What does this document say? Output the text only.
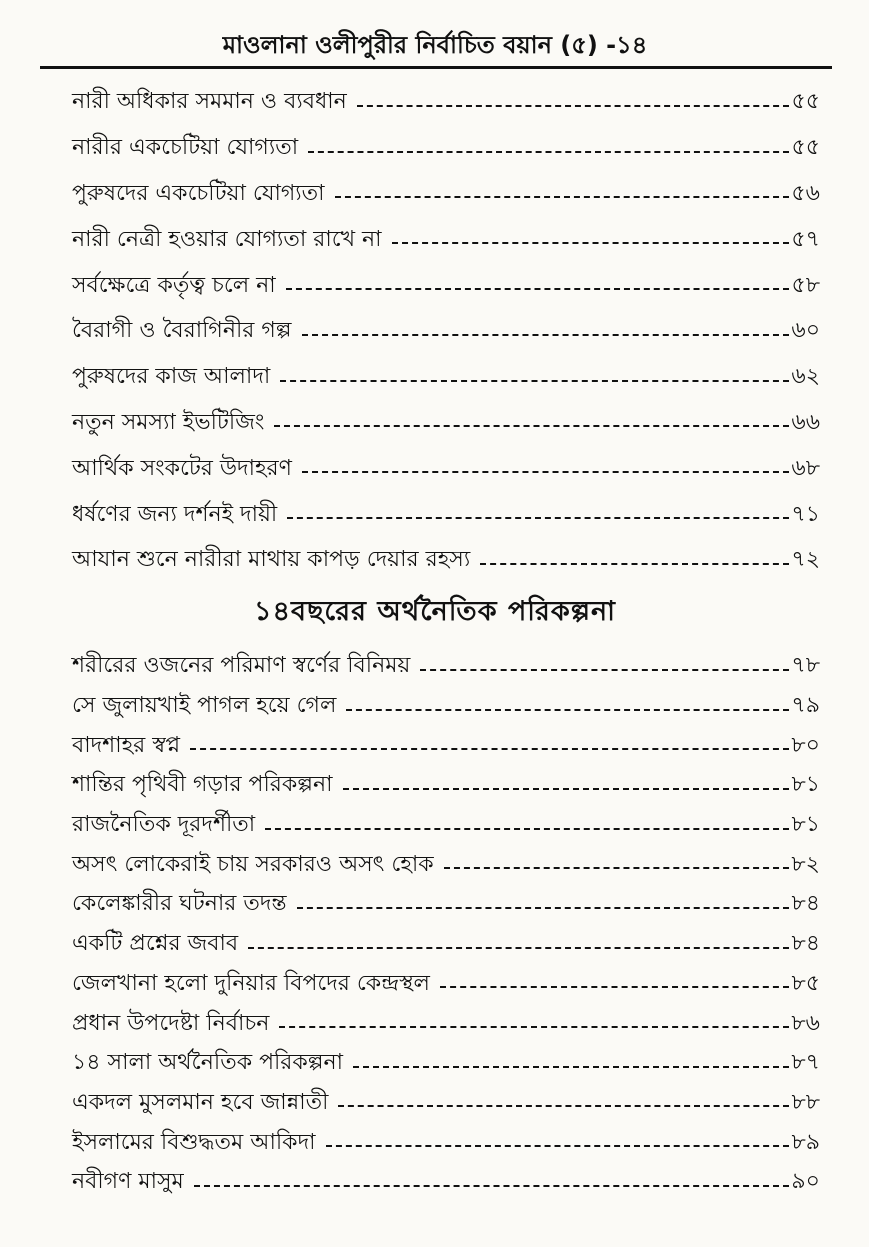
মাওলানা ওলীপুরীর নির্বাচিত বয়ান (৫) -১৪
নারী অধিকার সমমান ও ব্যবধান	৫৫
নারীর একচেটিয়া যোগ্যতা	৫৫
পুরুষদের একচেটিয়া যোগ্যতা	৫৬
নারী নেত্রী হওয়ার যোগ্যতা রাখে না	৫৭
সর্বক্ষেত্রে কর্তৃত্ব চলে না	৫৮
বৈরাগী ও বৈরাগিনীর গল্প	৬০
পুরুষদের কাজ আলাদা	৬২
নতুন সমস্যা ইভটিজিং	৬৬
আর্থিক সংকটের উদাহরণ	৬৮
ধর্ষণের জন্য দর্শনই দায়ী	৭১
আযান শুনে নারীরা মাথায় কাপড় দেয়ার রহস্য	৭২
১৪বছরের অর্থনৈতিক পরিকল্পনা
শরীরের ওজনের পরিমাণ স্বর্ণের বিনিময়	৭৮
সে জুলায়খাই পাগল হয়ে গেল	৭৯
বাদশাহর স্বপ্ন	৮০
শান্তির পৃথিবী গড়ার পরিকল্পনা	৮১
রাজনৈতিক দূরদর্শীতা	৮১
অসৎ লোকেরাই চায় সরকারও অসৎ হোক	৮২
কেলেঙ্কারীর ঘটনার তদন্ত	৮৪
একটি প্রশ্নের জবাব	৮৪
জেলখানা হলো দুনিয়ার বিপদের কেন্দ্রস্থল	৮৫
প্রধান উপদেষ্টা নির্বাচন	৮৬
১৪ সালা অর্থনৈতিক পরিকল্পনা	৮৭
একদল মুসলমান হবে জান্নাতী	৮৮
ইসলামের বিশুদ্ধতম আকিদা	৮৯
নবীগণ মাসুম	৯০
